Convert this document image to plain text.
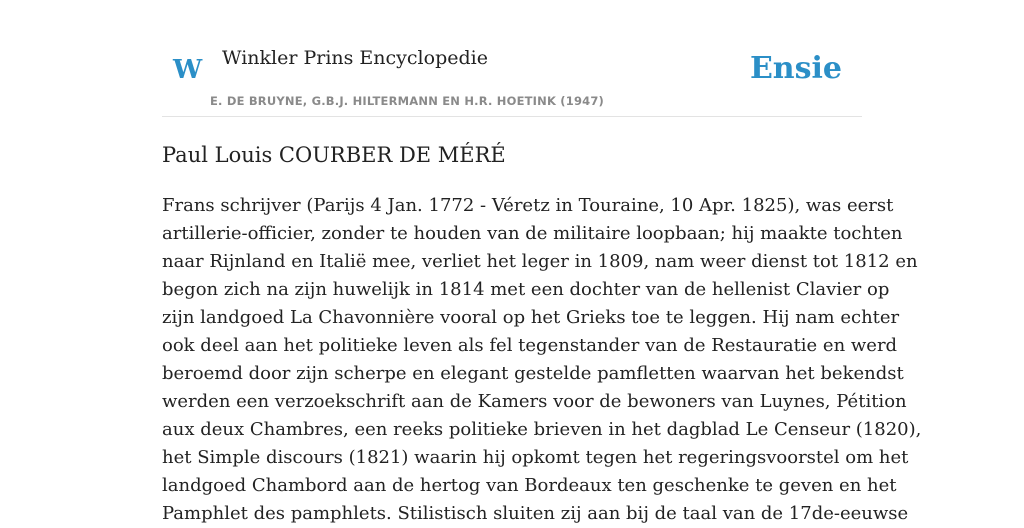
W Winkler Prins Encyclopedie
E. DE BRUYNE, G.B.J. HILTERMANN EN H.R. HOETINK (1947)
Ensie
Paul Louis COURBER DE MÉRÉ
Frans schrijver (Parijs 4 Jan. 1772 - Véretz in Touraine, 10 Apr. 1825), was eerst
artillerie-officier, zonder te houden van de militaire loopbaan; hij maakte tochten
naar Rijnland en Italië mee, verliet het leger in 1809, nam weer dienst tot 1812 en
begon zich na zijn huwelijk in 1814 met een dochter van de hellenist Clavier op
zijn landgoed La Chavonnière vooral op het Grieks toe te leggen. Hij nam echter
ook deel aan het politieke leven als fel tegenstander van de Restauratie en werd
beroemd door zijn scherpe en elegant gestelde pamfletten waarvan het bekendst
werden een verzoekschrift aan de Kamers voor de bewoners van Luynes, Pétition
aux deux Chambres, een reeks politieke brieven in het dagblad Le Censeur (1820),
het Simple discours (1821) waarin hij opkomt tegen het regeringsvoorstel om het
landgoed Chambord aan de hertog van Bordeaux ten geschenke te geven en het
Pamphlet des pamphlets. Stilistisch sluiten zij aan bij de taal van de 17de-eeuwse
